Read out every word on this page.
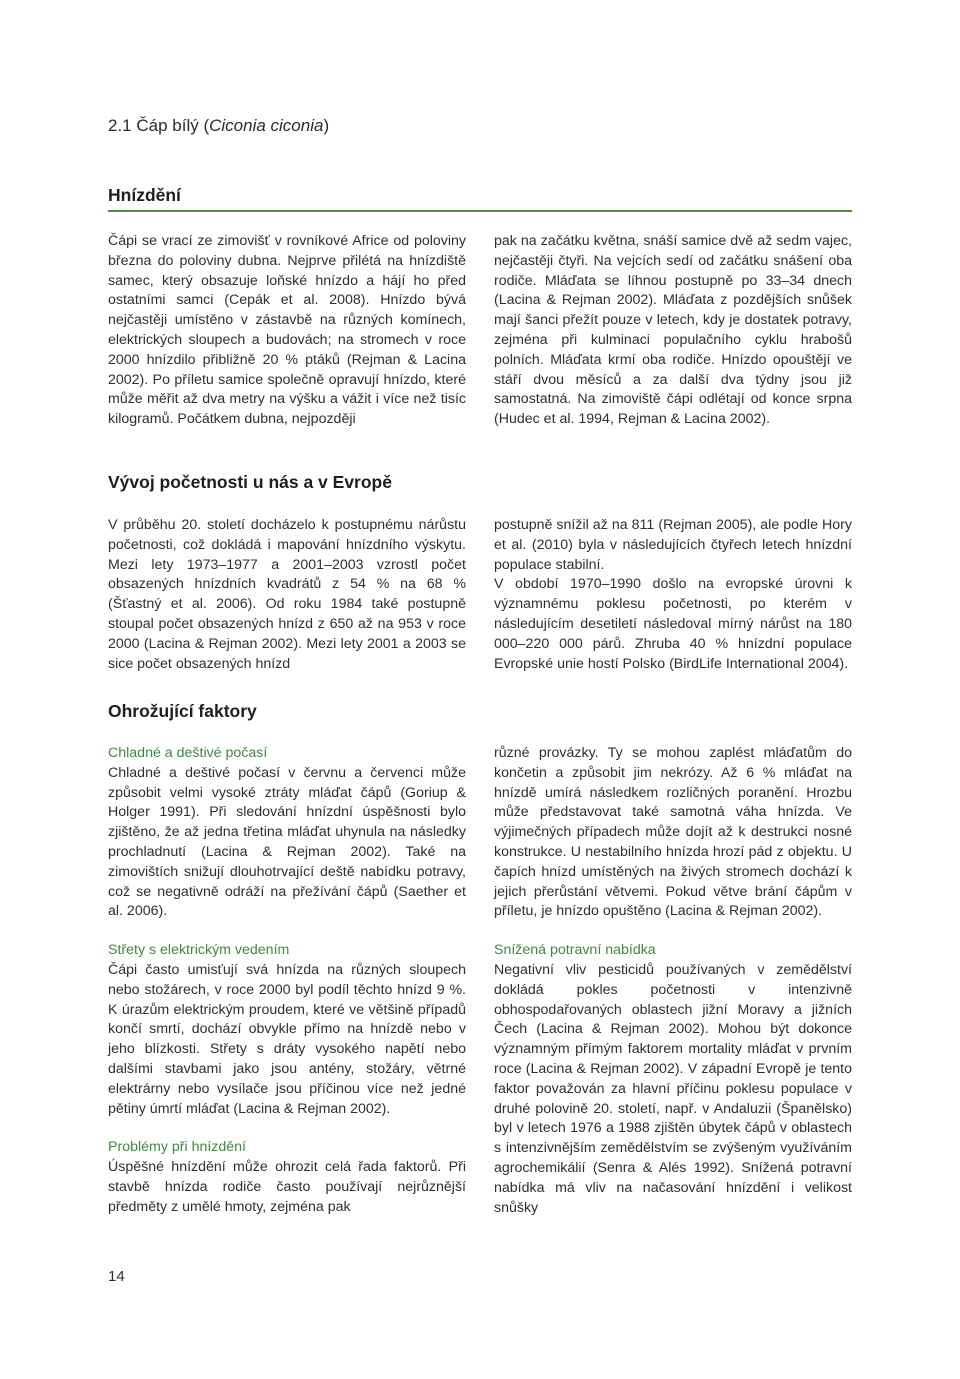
2.1 Čáp bílý (Ciconia ciconia)
Hnízdění

Čápi se vrací ze zimovišť v rovníkové Africe od poloviny března do poloviny dubna. Nejprve přilétá na hnízdiště samec, který obsazuje loňské hnízdo a hájí ho před ostatními samci (Cepák et al. 2008). Hnízdo bývá nejčastěji umístěno v zástavbě na různých komínech, elektrických sloupech a budovách; na stromech v roce 2000 hnízdilo přibližně 20 % ptáků (Rejman & Lacina 2002). Po příletu samice společně opravují hnízdo, které může měřit až dva metry na výšku a vážit i více než tisíc kilogramů. Počátkem dubna, nejpozději

pak na začátku května, snáší samice dvě až sedm vajec, nejčastěji čtyři. Na vejcích sedí od začátku snášení oba rodiče. Mláďata se líhnou postupně po 33–34 dnech (Lacina & Rejman 2002). Mláďata z pozdějších snůšek mají šanci přežít pouze v letech, kdy je dostatek potravy, zejména při kulminaci populačního cyklu hrabošů polních. Mláďata krmí oba rodiče. Hnízdo opouštějí ve stáří dvou měsíců a za další dva týdny jsou již samostatná. Na zimoviště čápi odlétají od konce srpna (Hudec et al. 1994, Rejman & Lacina 2002).

Vývoj početnosti u nás a v Evropě

V průběhu 20. století docházelo k postupnému nárůstu početnosti, což dokládá i mapování hnízdního výskytu. Mezi lety 1973–1977 a 2001–2003 vzrostl počet obsazených hnízdních kvadrátů z 54 % na 68 % (Šťastný et al. 2006). Od roku 1984 také postupně stoupal počet obsazených hnízd z 650 až na 953 v roce 2000 (Lacina & Rejman 2002). Mezi lety 2001 a 2003 se sice počet obsazených hnízd

postupně snížil až na 811 (Rejman 2005), ale podle Hory et al. (2010) byla v následujících čtyřech letech hnízdní populace stabilní.

V období 1970–1990 došlo na evropské úrovni k významnému poklesu početnosti, po kterém v následujícím desetiletí následoval mírný nárůst na 180 000–220 000 párů. Zhruba 40 % hnízdní populace Evropské unie hostí Polsko (BirdLife International 2004).

Ohrožující faktory

Chladné a deštivé počasí

Chladné a deštivé počasí v červnu a červenci může způsobit velmi vysoké ztráty mláďat čápů (Goriup & Holger 1991). Při sledování hnízdní úspěšnosti bylo zjištěno, že až jedna třetina mláďat uhynula na následky prochladnutí (Lacina & Rejman 2002). Také na zimovištích snižují dlouhotrvající deště nabídku potravy, což se negativně odráží na přežívání čápů (Saether et al. 2006).

Střety s elektrickým vedením

Čápi často umisťují svá hnízda na různých sloupech nebo stožárech, v roce 2000 byl podíl těchto hnízd 9 %. K úrazům elektrickým proudem, které ve většině případů končí smrtí, dochází obvykle přímo na hnízdě nebo v jeho blízkosti. Střety s dráty vysokého napětí nebo dalšími stavbami jako jsou antény, stožáry, větrné elektrárny nebo vysílače jsou příčinou více než jedné pětiny úmrtí mláďat (Lacina & Rejman 2002).

Problémy při hnízdění

Úspěšné hnízdění může ohrozit celá řada faktorů. Při stavbě hnízda rodiče často používají nejrůznější předměty z umělé hmoty, zejména pak

různé provázky. Ty se mohou zaplést mláďatům do končetin a způsobit jim nekrózy. Až 6 % mláďat na hnízdě umírá následkem rozličných poranění. Hrozbu může představovat také samotná váha hnízda. Ve výjimečných případech může dojít až k destrukci nosné konstrukce. U nestabilního hnízda hrozí pád z objektu. U čapích hnízd umístěných na živých stromech dochází k jejich přerůstání větvemi. Pokud větve brání čápům v příletu, je hnízdo opuštěno (Lacina & Rejman 2002).

Snížená potravní nabídka

Negativní vliv pesticidů používaných v zemědělství dokládá pokles početnosti v intenzivně obhospodařovaných oblastech jižní Moravy a jižních Čech (Lacina & Rejman 2002). Mohou být dokonce významným přímým faktorem mortality mláďat v prvním roce (Lacina & Rejman 2002). V západní Evropě je tento faktor považován za hlavní příčinu poklesu populace v druhé polovině 20. století, např. v Andaluzii (Španělsko) byl v letech 1976 a 1988 zjištěn úbytek čápů v oblastech s intenzivnějším zemědělstvím se zvýšeným využíváním agrochemikálií (Senra & Alés 1992). Snížená potravní nabídka má vliv na načasování hnízdění i velikost snůšky

14
